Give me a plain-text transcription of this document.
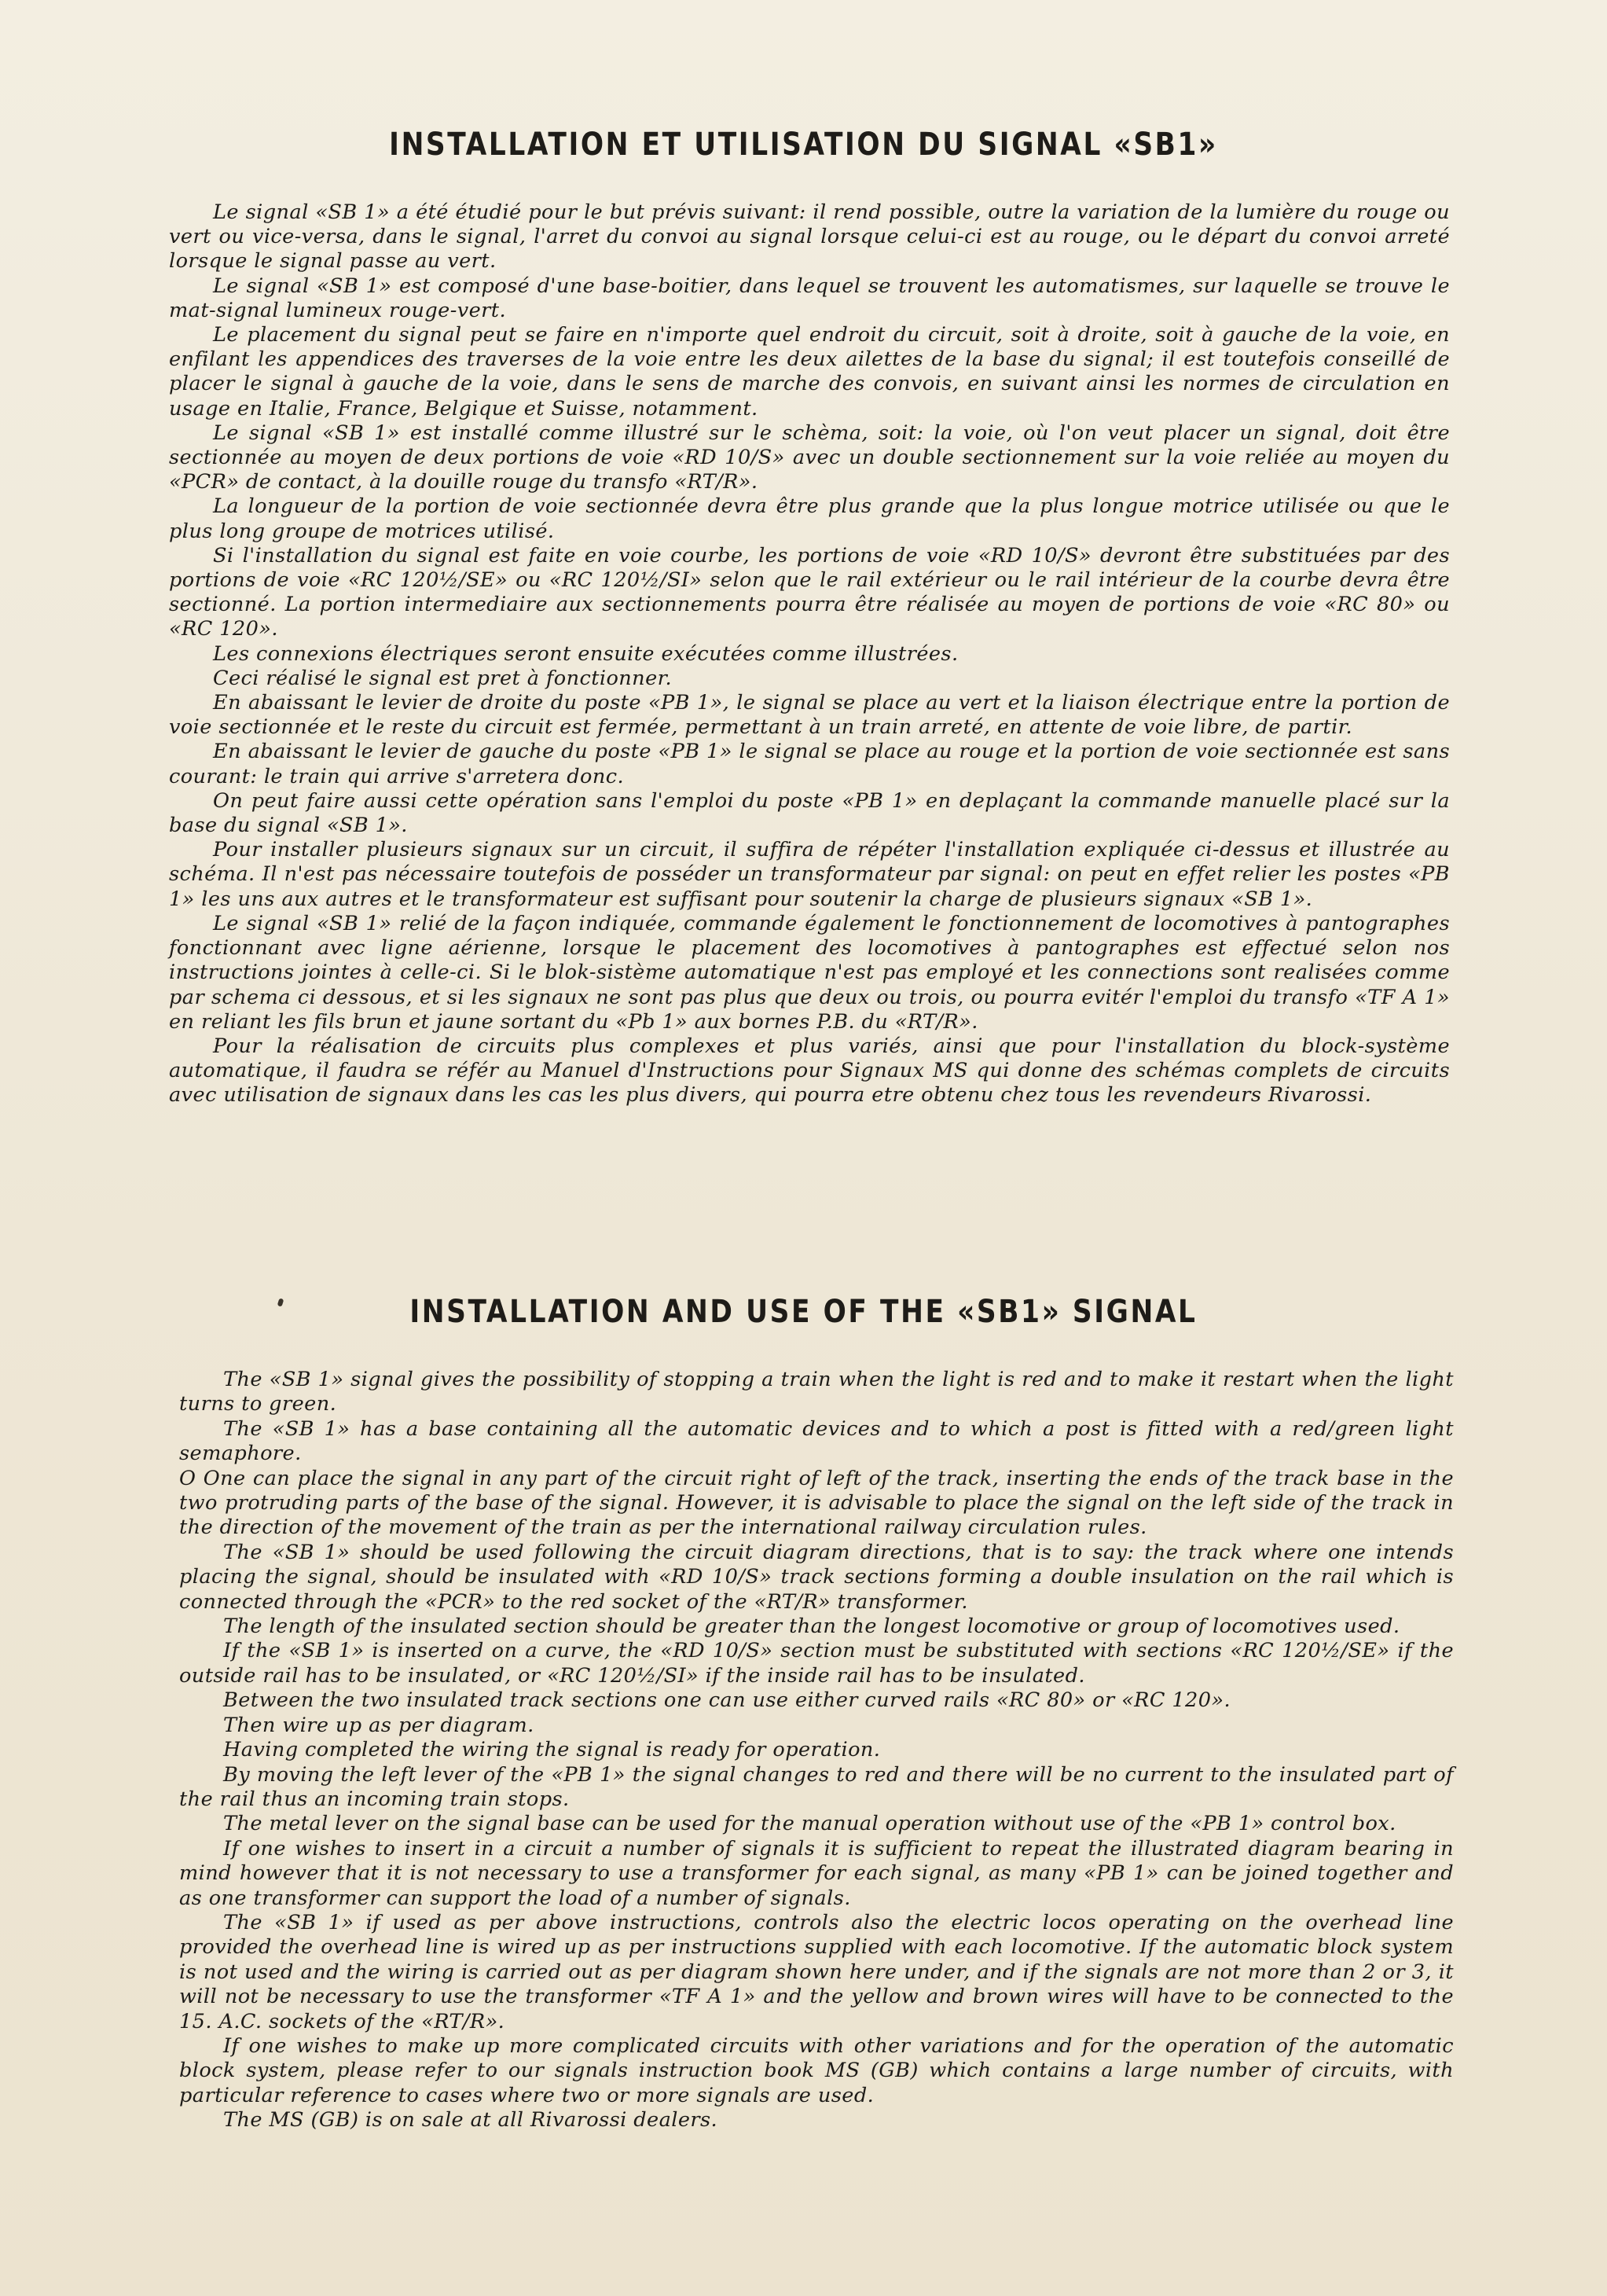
INSTALLATION ET UTILISATION DU SIGNAL «SB1»

Le signal «SB 1» a été étudié pour le but prévis suivant: il rend possible, outre la variation de la lumière du rouge ou vert ou vice-versa, dans le signal, l'arret du convoi au signal lorsque celui-ci est au rouge, ou le départ du convoi arreté lorsque le signal passe au vert.

Le signal «SB 1» est composé d'une base-boitier, dans lequel se trouvent les automatismes, sur laquelle se trouve le mat-signal lumineux rouge-vert.

Le placement du signal peut se faire en n'importe quel endroit du circuit, soit à droite, soit à gauche de la voie, en enfilant les appendices des traverses de la voie entre les deux ailettes de la base du signal; il est toutefois conseillé de placer le signal à gauche de la voie, dans le sens de marche des convois, en suivant ainsi les normes de circulation en usage en Italie, France, Belgique et Suisse, notamment.

Le signal «SB 1» est installé comme illustré sur le schèma, soit: la voie, où l'on veut placer un signal, doit être sectionnée au moyen de deux portions de voie «RD 10/S» avec un double sectionnement sur la voie reliée au moyen du «PCR» de contact, à la douille rouge du transfo «RT/R».

La longueur de la portion de voie sectionnée devra être plus grande que la plus longue motrice utilisée ou que le plus long groupe de motrices utilisé.

Si l'installation du signal est faite en voie courbe, les portions de voie «RD 10/S» devront être substituées par des portions de voie «RC 120½/SE» ou «RC 120½/SI» selon que le rail extérieur ou le rail intérieur de la courbe devra être sectionné. La portion intermediaire aux sectionnements pourra être réalisée au moyen de portions de voie «RC 80» ou «RC 120».

Les connexions électriques seront ensuite exécutées comme illustrées.

Ceci réalisé le signal est pret à fonctionner.

En abaissant le levier de droite du poste «PB 1», le signal se place au vert et la liaison électrique entre la portion de voie sectionnée et le reste du circuit est fermée, permettant à un train arreté, en attente de voie libre, de partir.

En abaissant le levier de gauche du poste «PB 1» le signal se place au rouge et la portion de voie sectionnée est sans courant: le train qui arrive s'arretera donc.

On peut faire aussi cette opération sans l'emploi du poste «PB 1» en deplaçant la commande manuelle placé sur la base du signal «SB 1».

Pour installer plusieurs signaux sur un circuit, il suffira de répéter l'installation expliquée ci-dessus et illustrée au schéma. Il n'est pas nécessaire toutefois de posséder un transformateur par signal: on peut en effet relier les postes «PB 1» les uns aux autres et le transformateur est suffisant pour soutenir la charge de plusieurs signaux «SB 1».

Le signal «SB 1» relié de la façon indiquée, commande également le fonctionnement de locomotives à pantographes fonctionnant avec ligne aérienne, lorsque le placement des locomotives à pantographes est effectué selon nos instructions jointes à celle-ci. Si le blok-sistème automatique n'est pas employé et les connections sont realisées comme par schema ci dessous, et si les signaux ne sont pas plus que deux ou trois, ou pourra evitér l'emploi du transfo «TF A 1» en reliant les fils brun et jaune sortant du «Pb 1» aux bornes P.B. du «RT/R».

Pour la réalisation de circuits plus complexes et plus variés, ainsi que pour l'installation du block-système automatique, il faudra se référ au Manuel d'Instructions pour Signaux MS qui donne des schémas complets de circuits avec utilisation de signaux dans les cas les plus divers, qui pourra etre obtenu chez tous les revendeurs Rivarossi.

INSTALLATION AND USE OF THE «SB1» SIGNAL

The «SB 1» signal gives the possibility of stopping a train when the light is red and to make it restart when the light turns to green.

The «SB 1» has a base containing all the automatic devices and to which a post is fitted with a red/green light semaphore.

O One can place the signal in any part of the circuit right of left of the track, inserting the ends of the track base in the two protruding parts of the base of the signal. However, it is advisable to place the signal on the left side of the track in the direction of the movement of the train as per the international railway circulation rules.

The «SB 1» should be used following the circuit diagram directions, that is to say: the track where one intends placing the signal, should be insulated with «RD 10/S» track sections forming a double insulation on the rail which is connected through the «PCR» to the red socket of the «RT/R» transformer.

The length of the insulated section should be greater than the longest locomotive or group of locomotives used.

If the «SB 1» is inserted on a curve, the «RD 10/S» section must be substituted with sections «RC 120½/SE» if the outside rail has to be insulated, or «RC 120½/SI» if the inside rail has to be insulated.

Between the two insulated track sections one can use either curved rails «RC 80» or «RC 120».

Then wire up as per diagram.

Having completed the wiring the signal is ready for operation.

By moving the left lever of the «PB 1» the signal changes to red and there will be no current to the insulated part of the rail thus an incoming train stops.

The metal lever on the signal base can be used for the manual operation without use of the «PB 1» control box.

If one wishes to insert in a circuit a number of signals it is sufficient to repeat the illustrated diagram bearing in mind however that it is not necessary to use a transformer for each signal, as many «PB 1» can be joined together and as one transformer can support the load of a number of signals.

The «SB 1» if used as per above instructions, controls also the electric locos operating on the overhead line provided the overhead line is wired up as per instructions supplied with each locomotive. If the automatic block system is not used and the wiring is carried out as per diagram shown here under, and if the signals are not more than 2 or 3, it will not be necessary to use the transformer «TF A 1» and the yellow and brown wires will have to be connected to the 15. A.C. sockets of the «RT/R».

If one wishes to make up more complicated circuits with other variations and for the operation of the automatic block system, please refer to our signals instruction book MS (GB) which contains a large number of circuits, with particular reference to cases where two or more signals are used.

The MS (GB) is on sale at all Rivarossi dealers.
